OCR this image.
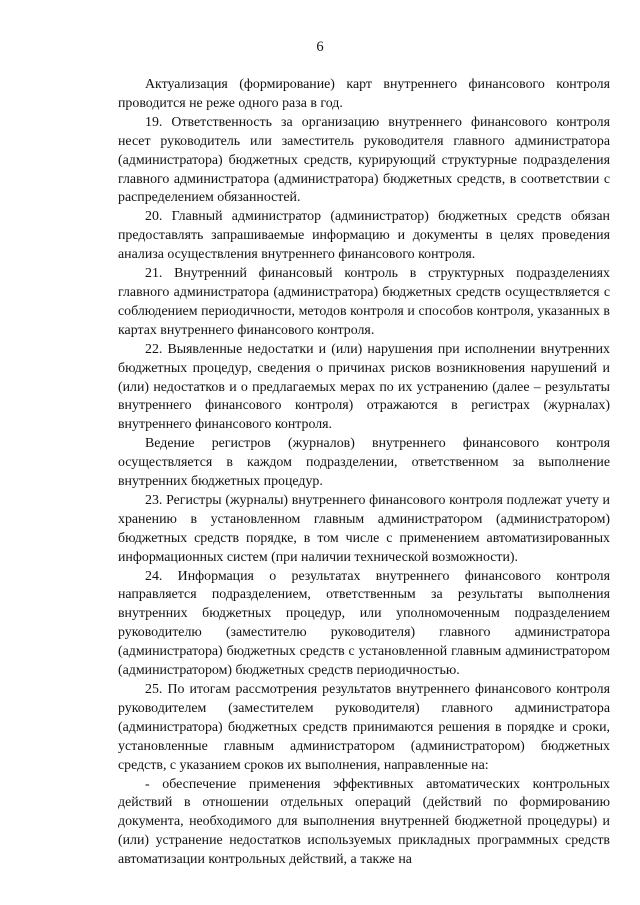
6

Актуализация (формирование) карт внутреннего финансового контроля проводится не реже одного раза в год.

19. Ответственность за организацию внутреннего финансового контроля несет руководитель или заместитель руководителя главного администратора (администратора) бюджетных средств, курирующий структурные подразделения главного администратора (администратора) бюджетных средств, в соответствии с распределением обязанностей.

20. Главный администратор (администратор) бюджетных средств обязан предоставлять запрашиваемые информацию и документы в целях проведения анализа осуществления внутреннего финансового контроля.

21. Внутренний финансовый контроль в структурных подразделениях главного администратора (администратора) бюджетных средств осуществляется с соблюдением периодичности, методов контроля и способов контроля, указанных в картах внутреннего финансового контроля.

22. Выявленные недостатки и (или) нарушения при исполнении внутренних бюджетных процедур, сведения о причинах рисков возникновения нарушений и (или) недостатков и о предлагаемых мерах по их устранению (далее – результаты внутреннего финансового контроля) отражаются в регистрах (журналах) внутреннего финансового контроля.

Ведение регистров (журналов) внутреннего финансового контроля осуществляется в каждом подразделении, ответственном за выполнение внутренних бюджетных процедур.

23. Регистры (журналы) внутреннего финансового контроля подлежат учету и хранению в установленном главным администратором (администратором) бюджетных средств порядке, в том числе с применением автоматизированных информационных систем (при наличии технической возможности).

24. Информация о результатах внутреннего финансового контроля направляется подразделением, ответственным за результаты выполнения внутренних бюджетных процедур, или уполномоченным подразделением руководителю (заместителю руководителя) главного администратора (администратора) бюджетных средств с установленной главным администратором (администратором) бюджетных средств периодичностью.

25. По итогам рассмотрения результатов внутреннего финансового контроля руководителем (заместителем руководителя) главного администратора (администратора) бюджетных средств принимаются решения в порядке и сроки, установленные главным администратором (администратором) бюджетных средств, с указанием сроков их выполнения, направленные на:

- обеспечение применения эффективных автоматических контрольных действий в отношении отдельных операций (действий по формированию документа, необходимого для выполнения внутренней бюджетной процедуры) и (или) устранение недостатков используемых прикладных программных средств автоматизации контрольных действий, а также на
